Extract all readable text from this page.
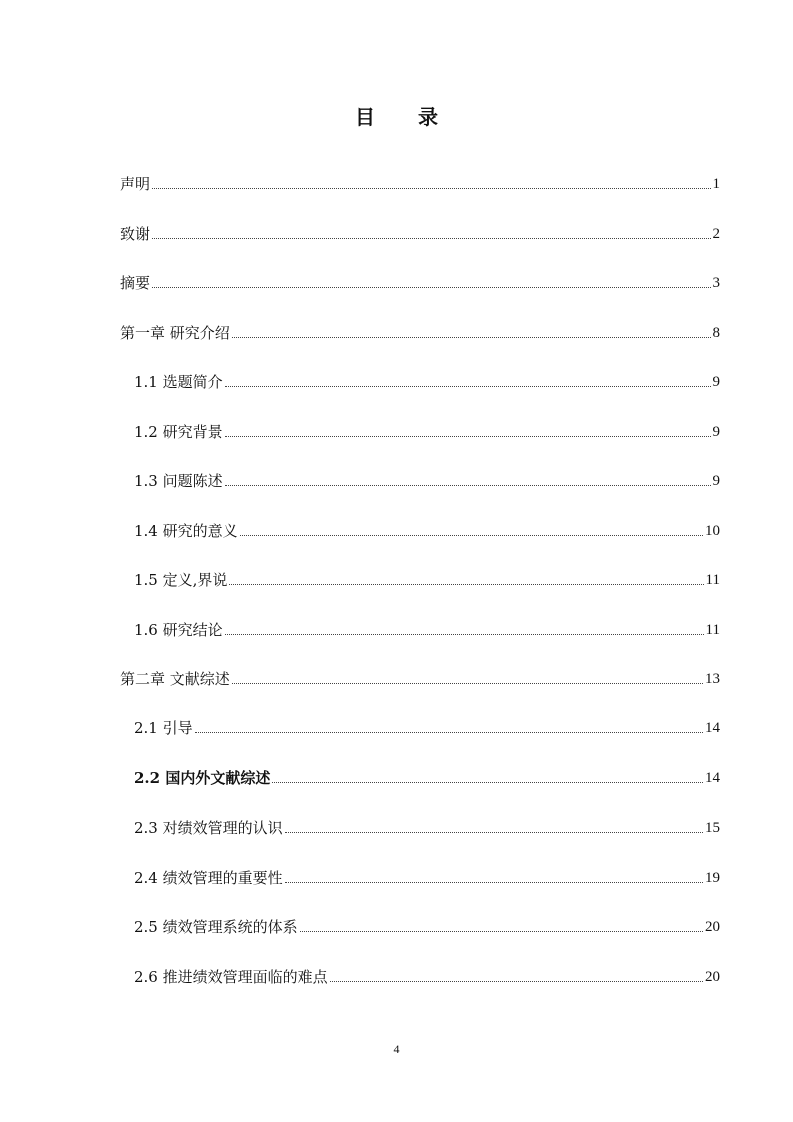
目 录
声明	1
致谢	2
摘要	3
第一章 研究介绍	8
1.1 选题简介	9
1.2 研究背景	9
1.3 问题陈述	9
1.4 研究的意义	10
1.5 定义,界说	11
1.6 研究结论	11
第二章 文献综述	13
2.1 引导	14
2.2 国内外文献综述	14
2.3 对绩效管理的认识	15
2.4 绩效管理的重要性	19
2.5 绩效管理系统的体系	20
2.6 推进绩效管理面临的难点	20
4
